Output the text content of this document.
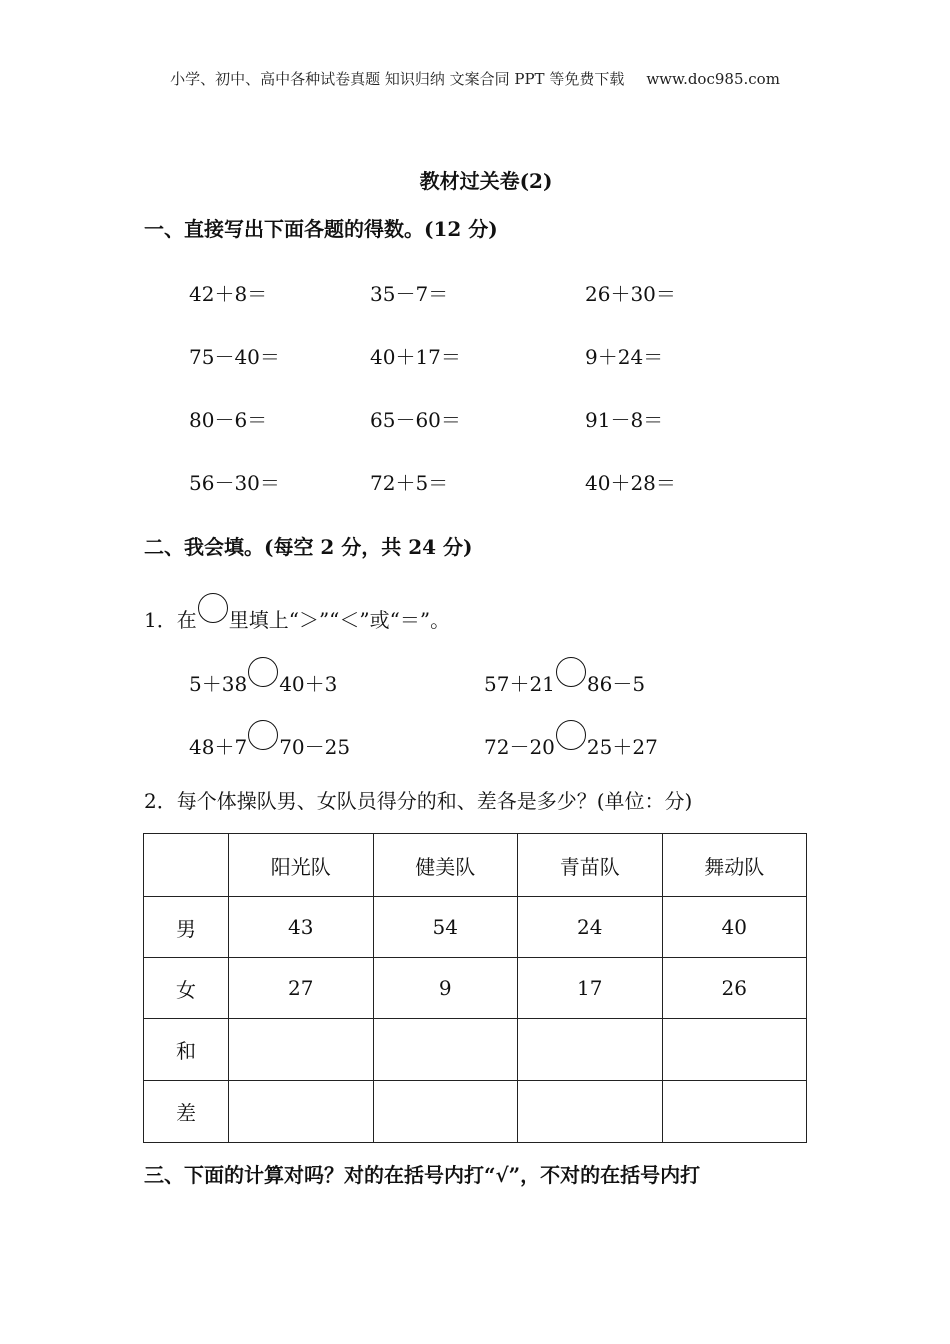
小学、初中、高中各种试卷真题 知识归纳 文案合同 PPT 等免费下载 www.doc985.com
教材过关卷(2)
一、直接写出下面各题的得数。(12 分)
42＋8＝	35－7＝	26＋30＝
75－40＝	40＋17＝	9＋24＝
80－6＝	65－60＝	91－8＝
56－30＝	72＋5＝	40＋28＝
二、我会填。(每空 2 分，共 24 分)
1．在 里填上“＞”“＜”或“＝”。
5＋38 40＋3	57＋21 86－5
48＋7 70－25	72－20 25＋27
2．每个体操队男、女队员得分的和、差各是多少？(单位：分)
	阳光队	健美队	青苗队	舞动队
男	43	54	24	40
女	27	9	17	26
和				
差				
三、下面的计算对吗？对的在括号内打“√”，不对的在括号内打
